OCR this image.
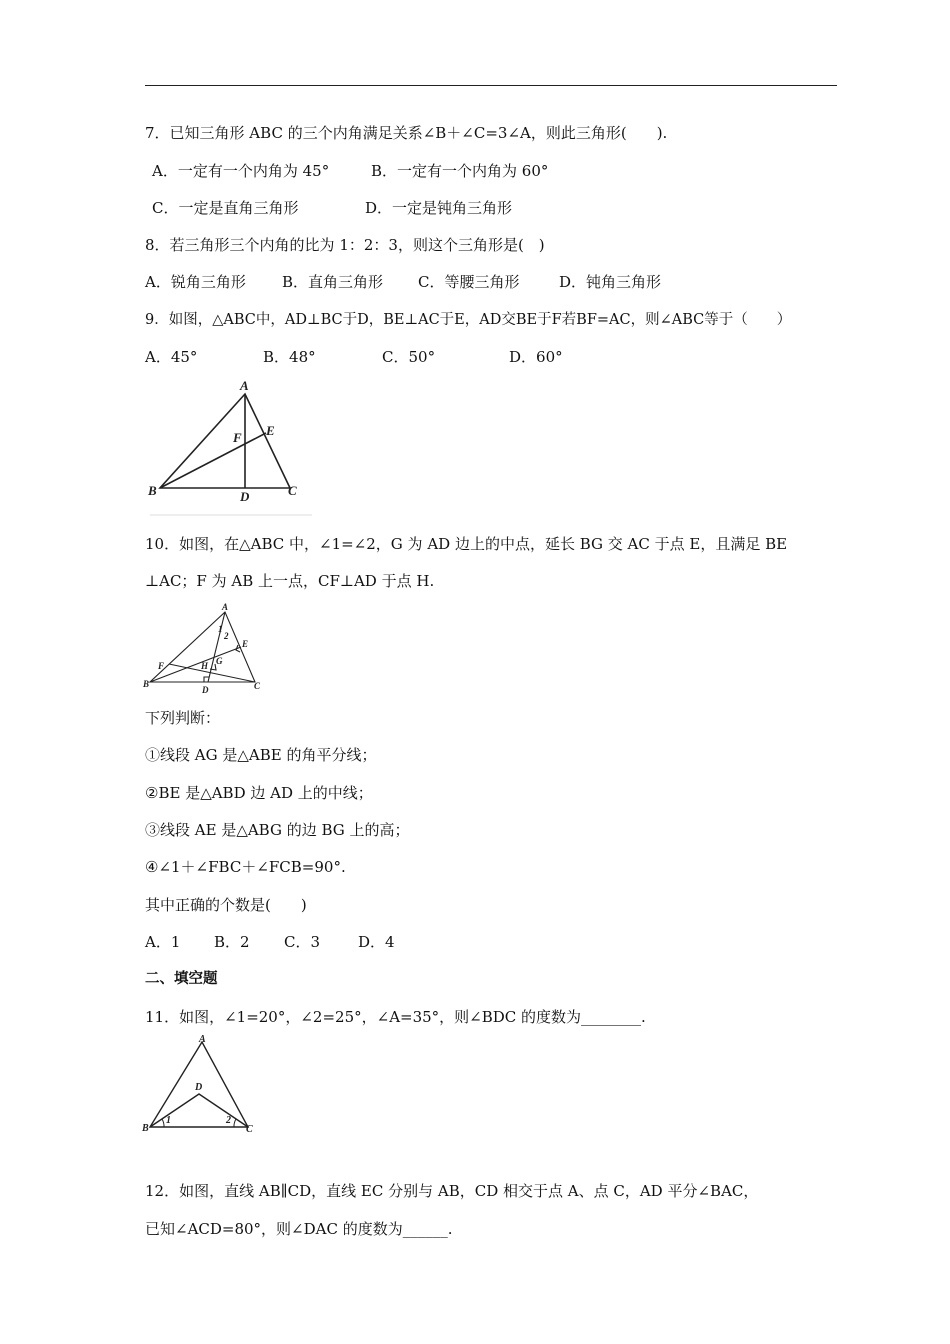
7．已知三角形 ABC 的三个内角满足关系∠B＋∠C=3∠A，则此三角形(　　).
A．一定有一个内角为 45°	B．一定有一个内角为 60°
C．一定是直角三角形	D．一定是钝角三角形
8．若三角形三个内角的比为 1：2：3，则这个三角形是(　)
A．锐角三角形 B．直角三角形 C．等腰三角形	D．钝角三角形
9．如图，△ABC中，AD⊥BC于D，BE⊥AC于E，AD交BE于F若BF=AC，则∠ABC等于（　　）
A．45°	B．48°	C．50°	D．60°
A
B	C
D
E
F
10．如图，在△ABC 中，∠1=∠2，G 为 AD 边上的中点，延长 BG 交 AC 于点 E，且满足 BE
⊥AC；F 为 AB 上一点，CF⊥AD 于点 H.
A
B	C
D
E
F	G
H
1
2
下列判断：
①线段 AG 是△ABE 的角平分线；
②BE 是△ABD 边 AD 上的中线；
③线段 AE 是△ABG 的边 BG 上的高；
④∠1＋∠FBC＋∠FCB=90°.
其中正确的个数是(　　)
A．1 B．2 C．3	D．4
二、填空题
11．如图，∠1=20°，∠2=25°，∠A=35°，则∠BDC 的度数为________.
A
B	C
D
1	2
12．如图，直线 AB∥CD，直线 EC 分别与 AB，CD 相交于点 A、点 C，AD 平分∠BAC，
已知∠ACD=80°，则∠DAC 的度数为______.
